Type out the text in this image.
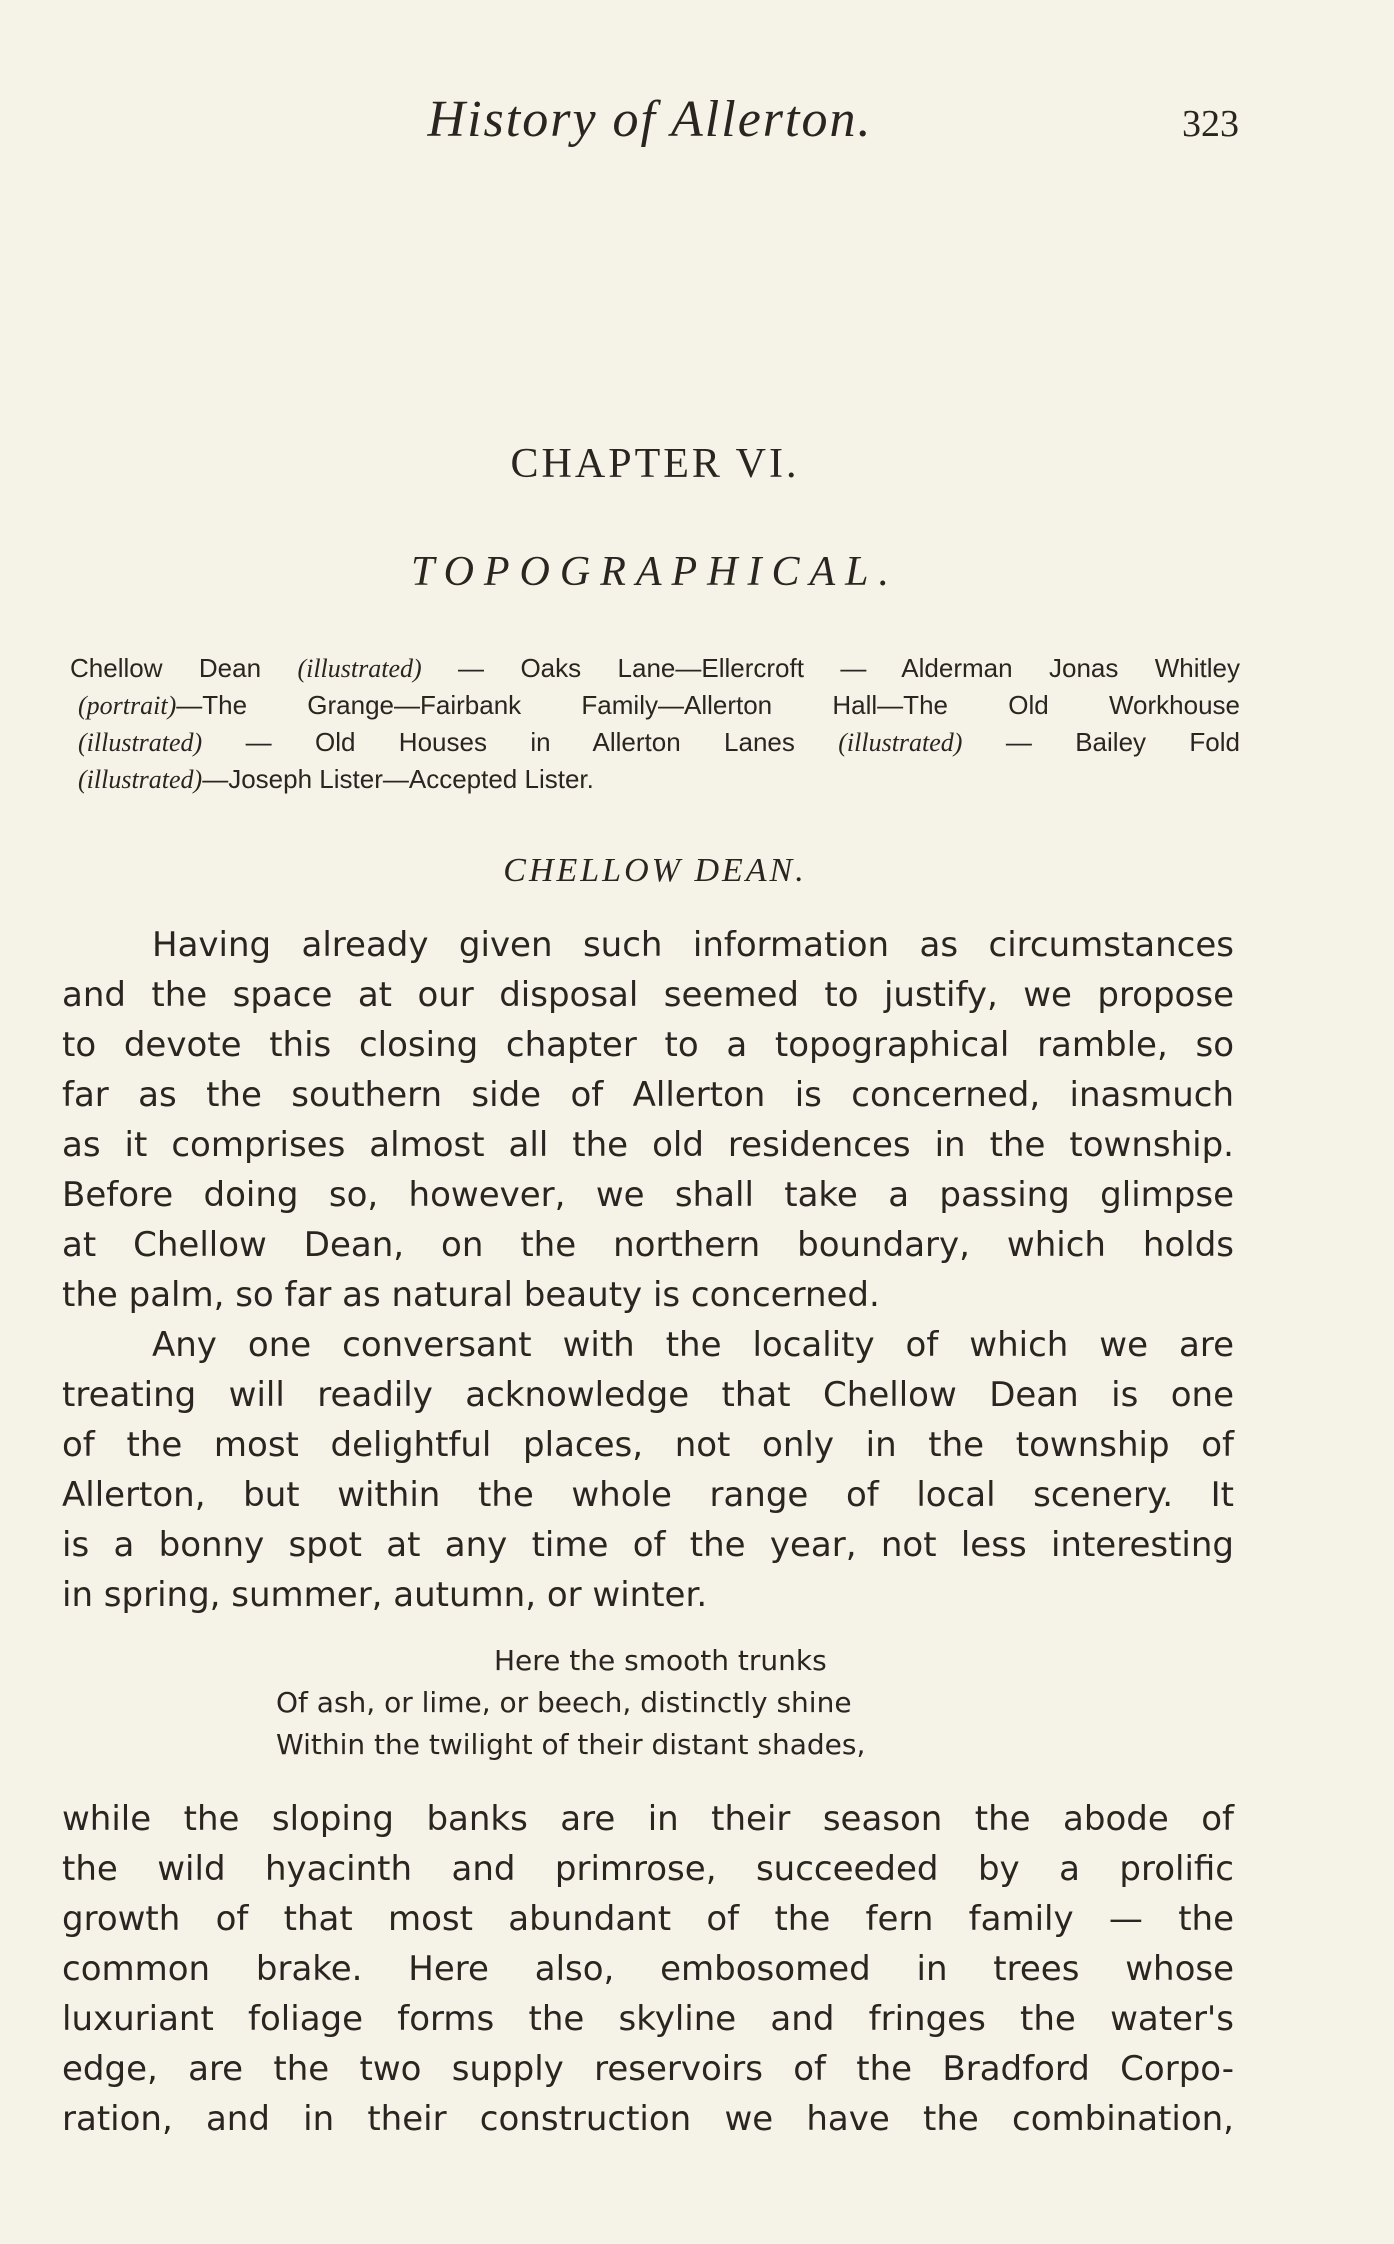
History of Allerton.	323
CHAPTER VI.
TOPOGRAPHICAL.
Chellow Dean (illustrated) — Oaks Lane—Ellercroft — Alderman Jonas Whitley
(portrait)—The Grange—Fairbank Family—Allerton Hall—The Old Workhouse
(illustrated) — Old Houses in Allerton Lanes (illustrated) — Bailey Fold
(illustrated)—Joseph Lister—Accepted Lister.
CHELLOW DEAN.
Having already given such information as circumstances
and the space at our disposal seemed to justify, we propose
to devote this closing chapter to a topographical ramble, so
far as the southern side of Allerton is concerned, inasmuch
as it comprises almost all the old residences in the township.
Before doing so, however, we shall take a passing glimpse
at Chellow Dean, on the northern boundary, which holds
the palm, so far as natural beauty is concerned.
Any one conversant with the locality of which we are
treating will readily acknowledge that Chellow Dean is one
of the most delightful places, not only in the township of
Allerton, but within the whole range of local scenery. It
is a bonny spot at any time of the year, not less interesting
in spring, summer, autumn, or winter.
Here the smooth trunks
Of ash, or lime, or beech, distinctly shine
Within the twilight of their distant shades,
while the sloping banks are in their season the abode of
the wild hyacinth and primrose, succeeded by a prolific
growth of that most abundant of the fern family — the
common brake. Here also, embosomed in trees whose
luxuriant foliage forms the skyline and fringes the water's
edge, are the two supply reservoirs of the Bradford Corpo-
ration, and in their construction we have the combination,
